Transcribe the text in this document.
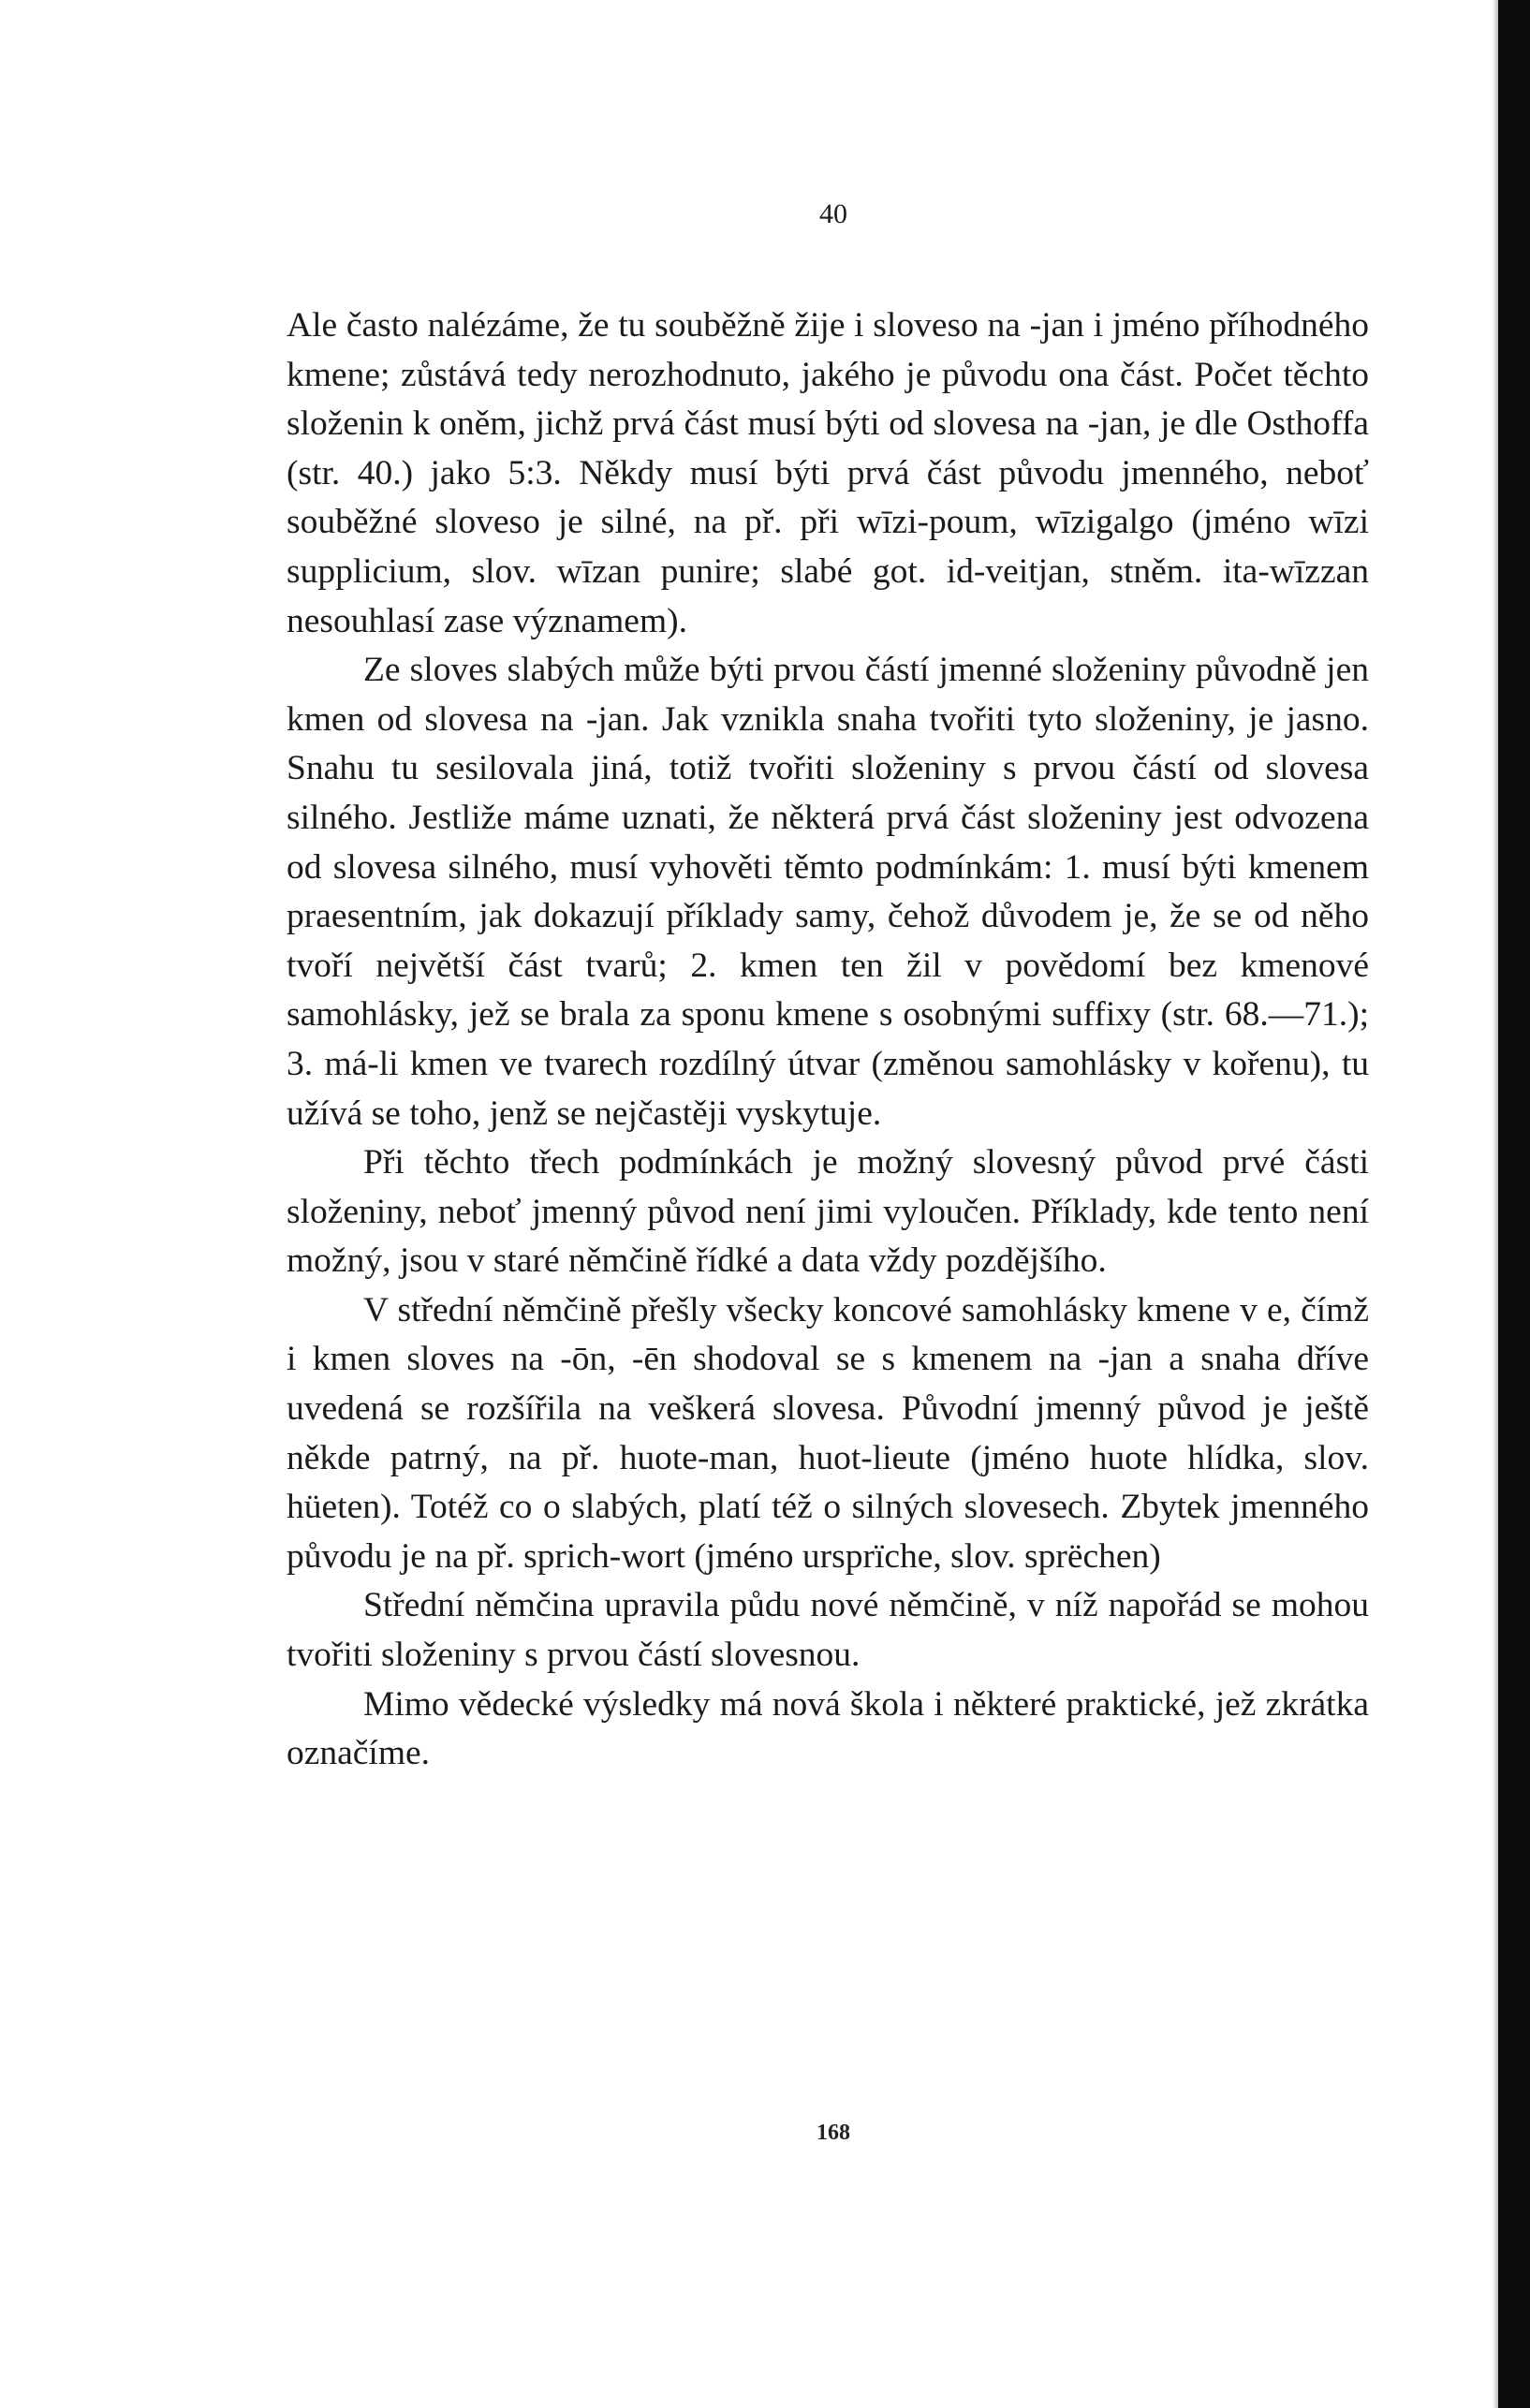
40

Ale často nalézáme, že tu souběžně žije i sloveso na -jan i jméno příhodného kmene; zůstává tedy nerozhodnuto, jakého je původu ona část. Počet těchto složenin k oněm, jichž prvá část musí býti od slovesa na -jan, je dle Osthoffa (str. 40.) jako 5:3. Někdy musí býti prvá část původu jmenného, neboť souběžné sloveso je silné, na př. při wīzi-poum, wīzigalgo (jméno wīzi supplicium, slov. wīzan punire; slabé got. id-veitjan, stněm. ita-wīzzan nesouhlasí zase významem).

Ze sloves slabých může býti prvou částí jmenné složeniny původně jen kmen od slovesa na -jan. Jak vznikla snaha tvořiti tyto složeniny, je jasno. Snahu tu sesilovala jiná, totiž tvořiti složeniny s prvou částí od slovesa silného. Jestliže máme uznati, že některá prvá část složeniny jest odvozena od slovesa silného, musí vyhověti těmto podmínkám: 1. musí býti kmenem praesentním, jak dokazují příklady samy, čehož důvodem je, že se od něho tvoří největší část tvarů; 2. kmen ten žil v povědomí bez kmenové samohlásky, jež se brala za sponu kmene s osobnými suffixy (str. 68.—71.); 3. má-li kmen ve tvarech rozdílný útvar (změnou samohlásky v kořenu), tu užívá se toho, jenž se nejčastěji vyskytuje.

Při těchto třech podmínkách je možný slovesný původ prvé části složeniny, neboť jmenný původ není jimi vyloučen. Příklady, kde tento není možný, jsou v staré němčině řídké a data vždy pozdějšího.

V střední němčině přešly všecky koncové samohlásky kmene v e, čímž i kmen sloves na -ōn, -ēn shodoval se s kmenem na -jan a snaha dříve uvedená se rozšířila na veškerá slovesa. Původní jmenný původ je ještě někde patrný, na př. huote-man, huot-lieute (jméno huote hlídka, slov. hüeten). Totéž co o slabých, platí též o silných slovesech. Zbytek jmenného původu je na př. sprich-wort (jméno ursprïche, slov. sprëchen)

Střední němčina upravila půdu nové němčině, v níž napořád se mohou tvořiti složeniny s prvou částí slovesnou.

Mimo vědecké výsledky má nová škola i některé praktické, jež zkrátka označíme.

168
